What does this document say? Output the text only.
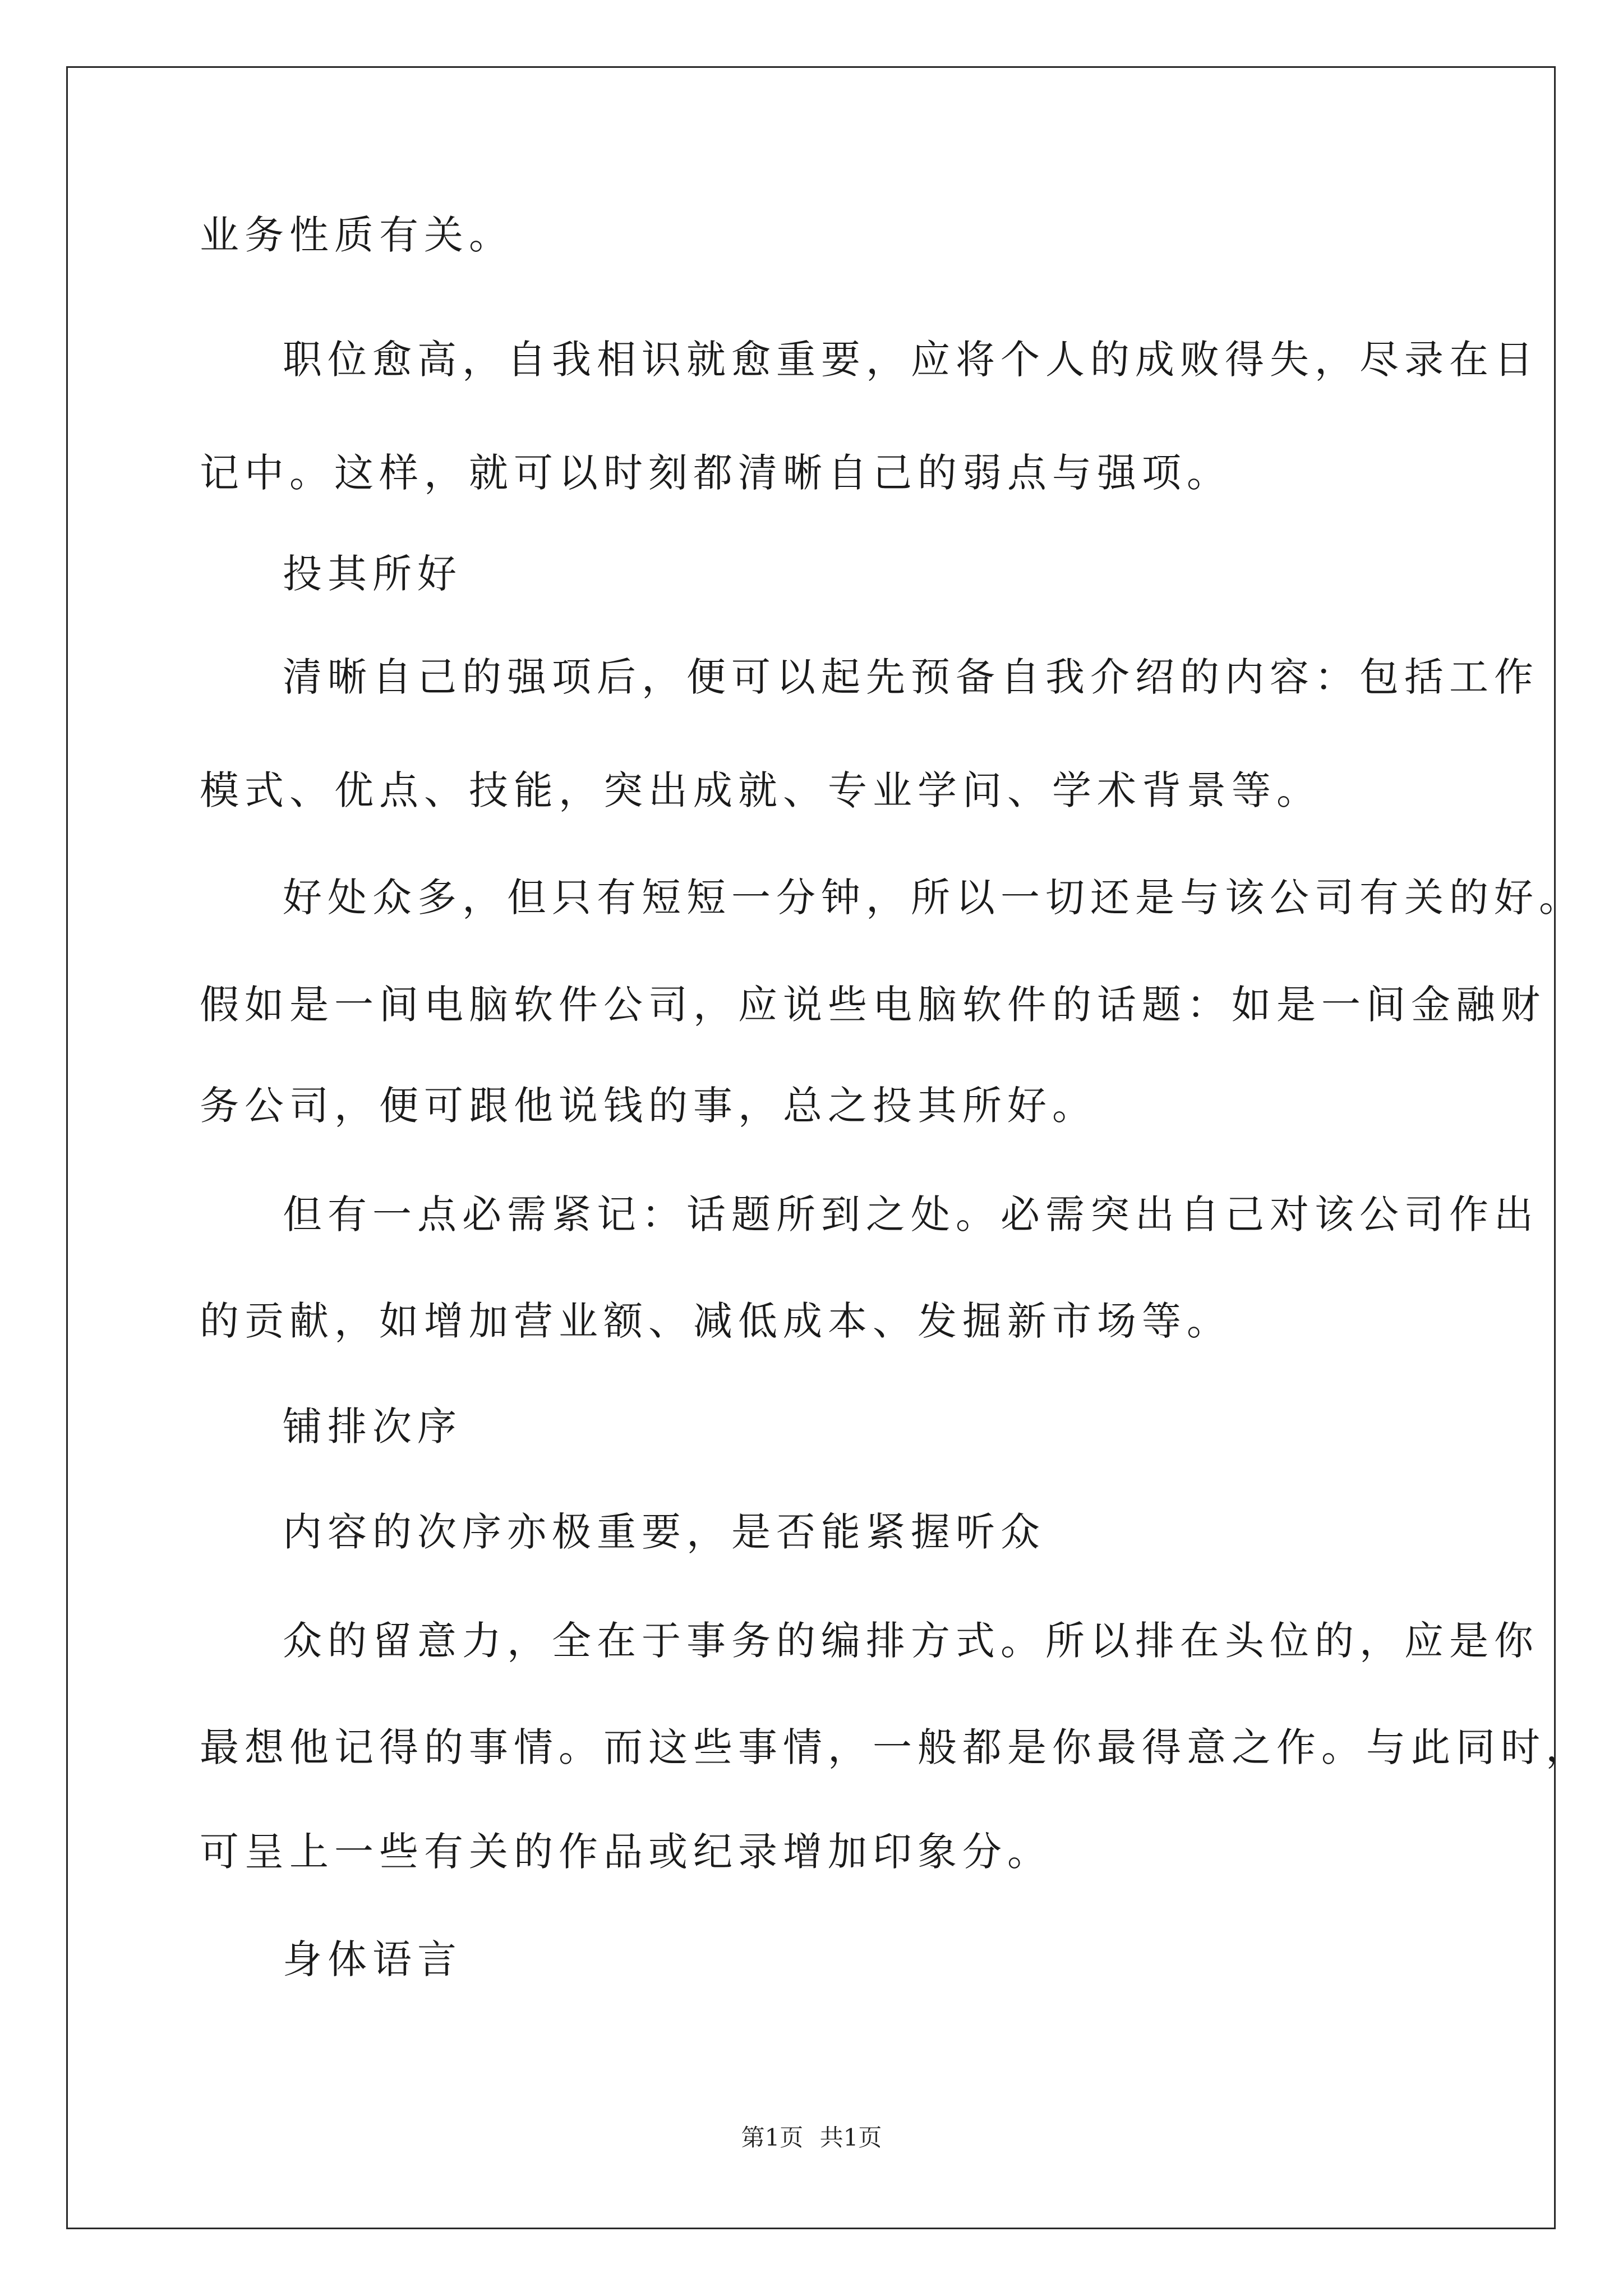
业务性质有关。
职位愈高，自我相识就愈重要，应将个人的成败得失，尽录在日
记中。这样，就可以时刻都清晰自己的弱点与强项。
投其所好
清晰自己的强项后，便可以起先预备自我介绍的内容：包括工作
模式、优点、技能，突出成就、专业学问、学术背景等。
好处众多，但只有短短一分钟，所以一切还是与该公司有关的好。
假如是一间电脑软件公司，应说些电脑软件的话题：如是一间金融财
务公司，便可跟他说钱的事，总之投其所好。
但有一点必需紧记：话题所到之处。必需突出自己对该公司作出
的贡献，如增加营业额、减低成本、发掘新市场等。
铺排次序
内容的次序亦极重要，是否能紧握听众
众的留意力，全在于事务的编排方式。所以排在头位的，应是你
最想他记得的事情。而这些事情，一般都是你最得意之作。与此同时，
可呈上一些有关的作品或纪录增加印象分。
身体语言
第1页 共1页
